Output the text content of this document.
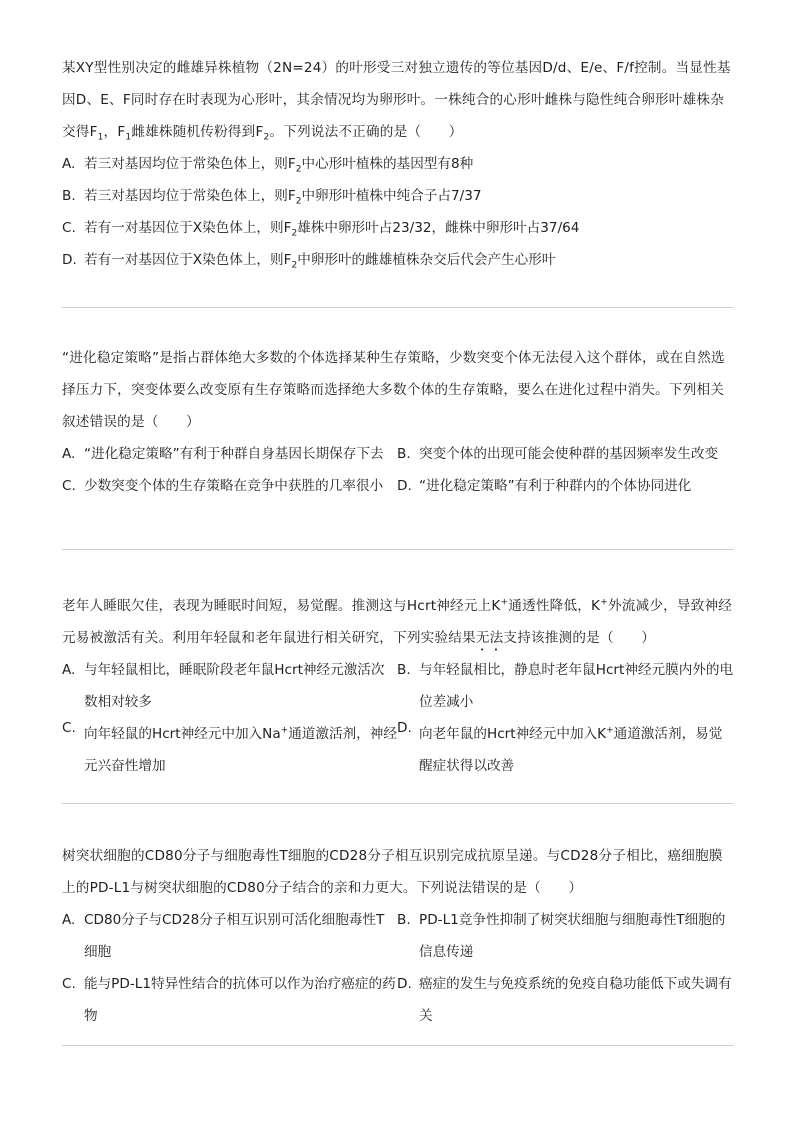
某XY型性别决定的雌雄异株植物（2N=24）的叶形受三对独立遗传的等位基因D/d、E/e、F/f控制。当显性基因D、E、F同时存在时表现为心形叶，其余情况均为卵形叶。一株纯合的心形叶雌株与隐性纯合卵形叶雄株杂交得$F_1$，$F_1$雌雄株随机传粉得到$F_2$。下列说法不正确的是（　　）

A. 若三对基因均位于常染色体上，则$F_2$中心形叶植株的基因型有8种
B. 若三对基因均位于常染色体上，则$F_2$中卵形叶植株中纯合子占7/37
C. 若有一对基因位于X染色体上，则$F_2$雄株中卵形叶占23/32，雌株中卵形叶占37/64
D. 若有一对基因位于X染色体上，则$F_2$中卵形叶的雌雄植株杂交后代会产生心形叶

“进化稳定策略”是指占群体绝大多数的个体选择某种生存策略，少数突变个体无法侵入这个群体，或在自然选择压力下，突变体要么改变原有生存策略而选择绝大多数个体的生存策略，要么在进化过程中消失。下列相关叙述错误的是（　　）

A. “进化稳定策略”有利于种群自身基因长期保存下去 B. 突变个体的出现可能会使种群的基因频率发生改变
C. 少数突变个体的生存策略在竞争中获胜的几率很小	D. “进化稳定策略”有利于种群内的个体协同进化

老年人睡眠欠佳，表现为睡眠时间短，易觉醒。推测这与Hcrt神经元上K+通透性降低，K+外流减少，导致神经元易被激活有关。利用年轻鼠和老年鼠进行相关研究，下列实验结果无法支持该推测的是（　　）

A. 与年轻鼠相比，睡眠阶段老年鼠Hcrt神经元激活次数相对较多
B. 与年轻鼠相比，静息时老年鼠Hcrt神经元膜内外的电位差减小
C. 向年轻鼠的Hcrt神经元中加入Na+通道激活剂，神经元兴奋性增加
D. 向老年鼠的Hcrt神经元中加入K+通道激活剂，易觉醒症状得以改善

树突状细胞的CD80分子与细胞毒性T细胞的CD28分子相互识别完成抗原呈递。与CD28分子相比，癌细胞膜上的PD-L1与树突状细胞的CD80分子结合的亲和力更大。下列说法错误的是（　　）

A. CD80分子与CD28分子相互识别可活化细胞毒性T细胞
B. PD-L1竞争性抑制了树突状细胞与细胞毒性T细胞的信息传递
C. 能与PD-L1特异性结合的抗体可以作为治疗癌症的药物
D. 癌症的发生与免疫系统的免疫自稳功能低下或失调有关
